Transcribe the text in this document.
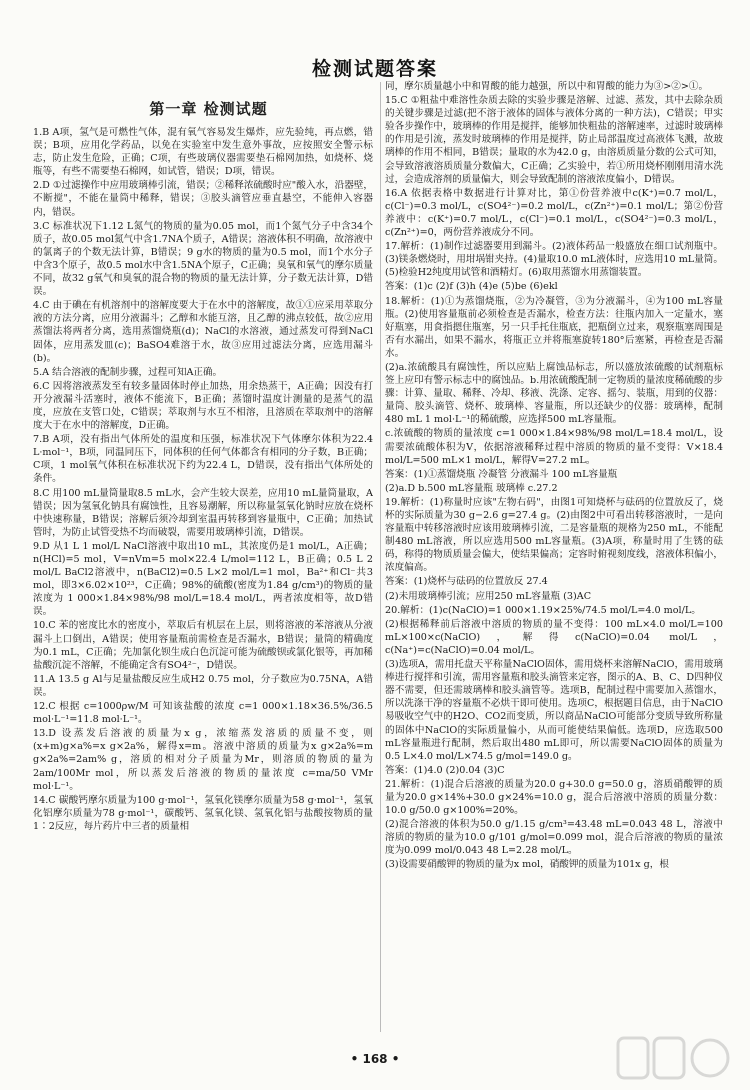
检测试题答案
第一章 检测试题

1.B A项，氢气是可燃性气体，混有氧气容易发生爆炸，应先验纯，再点燃，错误；B项，应用化学药品，以免在实验室中发生意外事故，应按照安全警示标志，防止发生危险，正确；C项，有些玻璃仪器需要垫石棉网加热，如烧杯、烧瓶等，有些不需要垫石棉网，如试管，错误；D项，错误。

2.D ①过滤操作中应用玻璃棒引流，错误；②稀释浓硫酸时应"酸入水，沿器壁，不断搅"，不能在量筒中稀释，错误；③胶头滴管应垂直悬空，不能伸入容器内，错误。

3.C 标准状况下1.12 L氮气的物质的量为0.05 mol，而1个氮气分子中含34个质子，故0.05 mol氮气中含1.7NA个质子，A错误；溶液体积不明确，故溶液中的氯离子的个数无法计算，B错误；9 g水的物质的量为0.5 mol，而1个水分子中含3个原子，故0.5 mol水中含1.5NA个原子，C正确；臭氧和氧气的摩尔质量不同，故32 g氧气和臭氧的混合物的物质的量无法计算，分子数无法计算，D错误。

4.C 由于碘在有机溶剂中的溶解度要大于在水中的溶解度，故①①应采用萃取分液的方法分离，应用分液漏斗；乙醇和水能互溶，且乙醇的沸点较低，故②应用蒸馏法将两者分离，选用蒸馏烧瓶(d)；NaCl的水溶液，通过蒸发可得到NaCl固体，应用蒸发皿(c)；BaSO4难溶于水，故③应用过滤法分离，应选用漏斗(b)。

5.A 结合溶液的配制步骤，过程可知A正确。

6.C 因将溶液蒸发至有较多量固体时停止加热，用余热蒸干，A正确；因没有打开分液漏斗活塞时，液体不能流下，B正确；蒸馏时温度计测量的是蒸气的温度，应放在支管口处，C错误；萃取剂与水互不相溶，且溶质在萃取剂中的溶解度大于在水中的溶解度，D正确。

7.B A项，没有指出气体所处的温度和压强，标准状况下气体摩尔体积为22.4 L·mol⁻¹，B项，同温同压下，同体积的任何气体都含有相同的分子数，B正确；C项，1 mol氧气体积在标准状况下约为22.4 L，D错误，没有指出气体所处的条件。

8.C 用100 mL量筒量取8.5 mL水，会产生较大误差，应用10 mL量筒量取，A错误；因为氢氧化钠具有腐蚀性，且容易潮解，所以称量氢氧化钠时应放在烧杯中快速称量，B错误；溶解后须冷却到室温再转移到容量瓶中，C正确；加热试管时，为防止试管受热不均而破裂，需要用玻璃棒引流，D错误。

9.D 从1 L 1 mol/L NaCl溶液中取出10 mL，其浓度仍是1 mol/L，A正确；n(HCl)=5 mol，V=nVm=5 mol×22.4 L/mol=112 L，B正确；0.5 L 2 mol/L BaCl2溶液中，n(BaCl2)=0.5 L×2 mol/L=1 mol，Ba²⁺和Cl⁻共3 mol，即3×6.02×10²³，C正确；98%的硫酸(密度为1.84 g/cm³)的物质的量浓度为 1 000×1.84×98%/98 mol/L=18.4 mol/L，两者浓度相等，故D错误。

10.C 苯的密度比水的密度小，萃取后有机层在上层，则将溶液的苯溶液从分液漏斗上口倒出，A错误；使用容量瓶前需检查是否漏水，B错误；量筒的精确度为0.1 mL，C正确；先加氯化钡生成白色沉淀可能为硫酸钡或氯化银等，再加稀盐酸沉淀不溶解，不能确定含有SO4²⁻，D错误。

11.A 13.5 g Al与足量盐酸反应生成H2 0.75 mol，分子数应为0.75NA，A错误。

12.C 根据 c=1000ρw/M 可知该盐酸的浓度 c=1 000×1.18×36.5%/36.5 mol·L⁻¹=11.8 mol·L⁻¹。

13.D 设蒸发后溶液的质量为x g，浓缩蒸发溶质的质量不变，则(x+m)g×a%=x g×2a%，解得x=m。溶液中溶质的质量为x g×2a%=m g×2a%=2am% g，溶质的相对分子质量为Mr，则溶质的物质的量为 2am/100Mr mol，所以蒸发后溶液的物质的量浓度 c=ma/50 VMr mol·L⁻¹。

14.C 碳酸钙摩尔质量为100 g·mol⁻¹，氢氧化镁摩尔质量为58 g·mol⁻¹，氢氧化铝摩尔质量为78 g·mol⁻¹，碳酸钙、氢氧化镁、氢氧化铝与盐酸按物质的量1∶2反应，每片药片中三者的质量相

同，摩尔质量越小中和胃酸的能力越强，所以中和胃酸的能力为③>②>①。

15.C ①粗盐中难溶性杂质去除的实验步骤是溶解、过滤、蒸发，其中去除杂质的关键步骤是过滤(把不溶于液体的固体与液体分离的一种方法)，C错误；甲实验各步操作中，玻璃棒的作用是搅拌，能够加快粗盐的溶解速率，过滤时玻璃棒的作用是引流，蒸发时玻璃棒的作用是搅拌，防止局部温度过高液体飞溅，故玻璃棒的作用不相同，B错误；量取的水为42.0 g，由溶质质量分数的公式可知，会导致溶液溶质质量分数偏大，C正确；乙实验中，若①所用烧杯刚刚用清水洗过，会造成溶剂的质量偏大，则会导致配制的溶液浓度偏小，D错误。

16.A 依据表格中数据进行计算对比，第①份营养液中c(K⁺)=0.7 mol/L，c(Cl⁻)=0.3 mol/L，c(SO4²⁻)=0.2 mol/L，c(Zn²⁺)=0.1 mol/L；第②份营养液中：c(K⁺)=0.7 mol/L，c(Cl⁻)=0.1 mol/L，c(SO4²⁻)=0.3 mol/L，c(Zn²⁺)=0，两份营养液成分不同。

17.解析：(1)制作过滤器要用到漏斗。(2)液体药品一般盛放在细口试剂瓶中。(3)镁条燃烧时，用坩埚钳夹持。(4)量取10.0 mL液体时，应选用10 mL量筒。(5)检验H2纯度用试管和酒精灯。(6)取用蒸馏水用蒸馏装置。

答案：(1)c (2)f (3)h (4)e (5)be (6)ekl

18.解析：(1)①为蒸馏烧瓶，②为冷凝管，③为分液漏斗，④为100 mL容量瓶。(2)使用容量瓶前必须检查是否漏水，检查方法：往瓶内加入一定量水，塞好瓶塞，用食指摁住瓶塞，另一只手托住瓶底，把瓶倒立过来，观察瓶塞周围是否有水漏出，如果不漏水，将瓶正立并将瓶塞旋转180°后塞紧，再检查是否漏水。

(2)a.浓硫酸具有腐蚀性，所以应贴上腐蚀品标志，所以盛放浓硫酸的试剂瓶标签上应印有警示标志中的腐蚀品。b.用浓硫酸配制一定物质的量浓度稀硫酸的步骤：计算、量取、稀释、冷却、移液、洗涤、定容、摇匀、装瓶，用到的仪器：量筒、胶头滴管、烧杯、玻璃棒、容量瓶，所以还缺少的仪器：玻璃棒，配制480 mL 1 mol·L⁻¹的稀硫酸，应选择500 mL容量瓶。

c.浓硫酸的物质的量浓度 c=1 000×1.84×98%/98 mol/L=18.4 mol/L，设需要浓硫酸体积为V，依据溶液稀释过程中溶质的物质的量不变得：V×18.4 mol/L=500 mL×1 mol/L，解得V=27.2 mL。

答案：(1)①蒸馏烧瓶 冷凝管 分液漏斗 100 mL容量瓶

(2)a.D b.500 mL容量瓶 玻璃棒 c.27.2

19.解析：(1)称量时应该"左物右码"，由图1可知烧杯与砝码的位置放反了，烧杯的实际质量为30 g−2.6 g=27.4 g。(2)由图2中可看出转移溶液时，一是向容量瓶中转移溶液时应该用玻璃棒引流，二是容量瓶的规格为250 mL，不能配制480 mL溶液，所以应选用500 mL容量瓶。(3)A项，称量时用了生锈的砝码，称得的物质质量会偏大，使结果偏高；定容时俯视刻度线，溶液体积偏小，浓度偏高。

答案：(1)烧杯与砝码的位置放反 27.4

(2)未用玻璃棒引流；应用250 mL容量瓶 (3)AC

20.解析：(1)c(NaClO)=1 000×1.19×25%/74.5 mol/L=4.0 mol/L。

(2)根据稀释前后溶液中溶质的物质的量不变得：100 mL×4.0 mol/L=100 mL×100×c(NaClO)，解得c(NaClO)=0.04 mol/L，c(Na⁺)=c(NaClO)=0.04 mol/L。

(3)选项A，需用托盘天平称量NaClO固体，需用烧杯来溶解NaClO，需用玻璃棒进行搅拌和引流，需用容量瓶和胶头滴管来定容，图示的A、B、C、D四种仪器不需要，但还需玻璃棒和胶头滴管等。选项B，配制过程中需要加入蒸馏水，所以洗涤干净的容量瓶不必烘干即可使用。选项C，根据题目信息，由于NaClO易吸收空气中的H2O、CO2而变质，所以商品NaClO可能部分变质导致所称量的固体中NaClO的实际质量偏小，从而可能使结果偏低。选项D，应选取500 mL容量瓶进行配制，然后取出480 mL即可，所以需要NaClO固体的质量为0.5 L×4.0 mol/L×74.5 g/mol=149.0 g。

答案：(1)4.0 (2)0.04 (3)C

21.解析：(1)混合后溶液的质量为20.0 g+30.0 g=50.0 g，溶质硝酸钾的质量为20.0 g×14%+30.0 g×24%=10.0 g，混合后溶液中溶质的质量分数：10.0 g/50.0 g×100%=20%。

(2)混合溶液的体积为50.0 g/1.15 g/cm³=43.48 mL=0.043 48 L，溶液中溶质的物质的量为10.0 g/101 g/mol=0.099 mol，混合后溶液的物质的量浓度为0.099 mol/0.043 48 L=2.28 mol/L。

(3)设需要硝酸钾的物质的量为x mol，硝酸钾的质量为101x g，根

• 168 •
